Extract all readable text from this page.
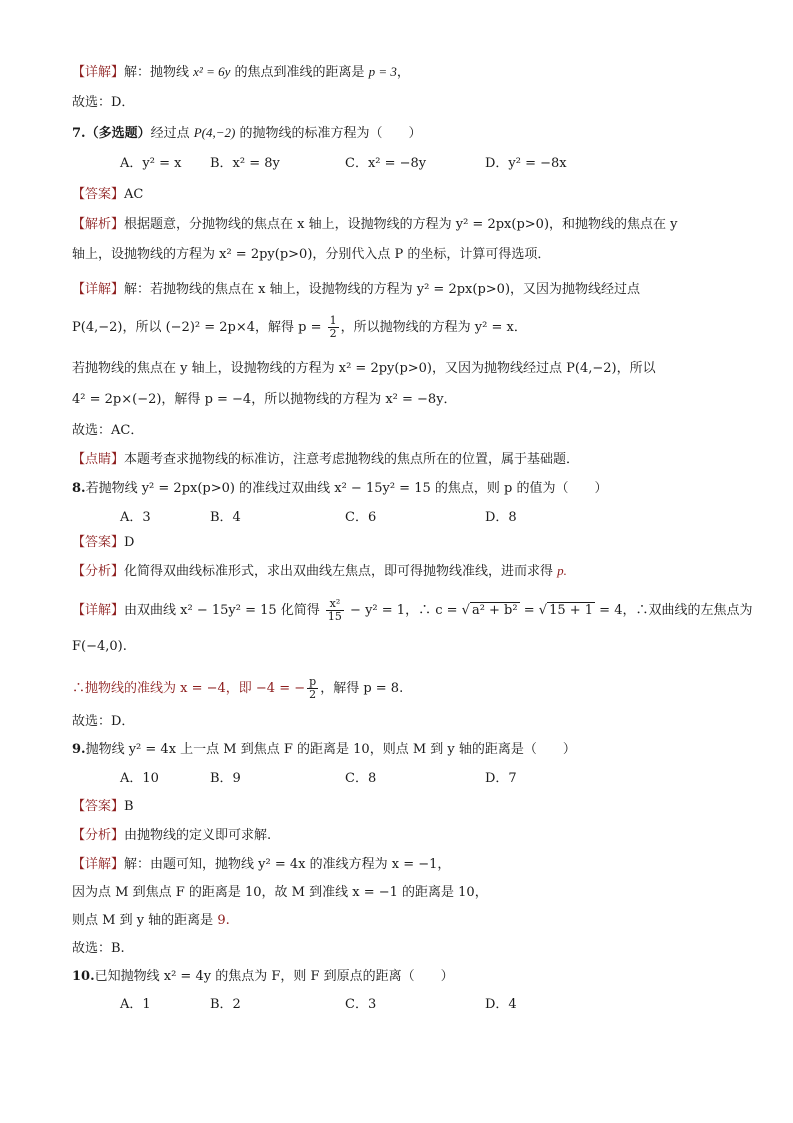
【详解】解：抛物线 x² = 6y 的焦点到准线的距离是 p = 3，
故选：D．
7.（多选题）经过点 P(4,−2) 的抛物线的标准方程为（　　）
A．y² = x B．x² = 8y	C．x² = −8y	D．y² = −8x
【答案】AC
【解析】根据题意，分抛物线的焦点在 x 轴上，设抛物线的方程为 y² = 2px(p>0)，和抛物线的焦点在 y
轴上，设抛物线的方程为 x² = 2py(p>0)，分别代入点 P 的坐标，计算可得选项．
【详解】解：若抛物线的焦点在 x 轴上，设抛物线的方程为 y² = 2px(p>0)，又因为抛物线经过点
P(4,−2)，所以 (−2)² = 2p×4，解得 $p = \frac{1}{2}$ ，所以抛物线的方程为 y² = x．
若抛物线的焦点在 y 轴上，设抛物线的方程为 x² = 2py(p>0)，又因为抛物线经过点 P(4,−2)，所以
4² = 2p×(−2)，解得 p = −4，所以抛物线的方程为 x² = −8y．
故选：AC．
【点睛】本题考查求抛物线的标准访，注意考虑抛物线的焦点所在的位置，属于基础题．
8.若抛物线 y² = 2px(p>0) 的准线过双曲线 x² − 15y² = 15 的焦点，则 p 的值为（　　）
A．3	B．4	C．6	D．8
【答案】D
【分析】化简得双曲线标准形式，求出双曲线左焦点，即可得抛物线准线，进而求得 p.
【详解】由双曲线 x² − 15y² = 15 化简得 $\frac{\text{x²}}{15} - y^2 = 1$，∴ c = √ a² + b² = √ 15 + 1 = 4，∴双曲线的左焦点为
F(−4,0).
∴抛物线的准线为 x = −4，即 −4 = − $\frac{p}{2}$ ，解得 p = 8.
故选：D．
9.抛物线 y² = 4x 上一点 M 到焦点 F 的距离是 10，则点 M 到 y 轴的距离是（　　）
A．10	B．9	C．8	D．7
【答案】B
【分析】由抛物线的定义即可求解.
【详解】解：由题可知，抛物线 y² = 4x 的准线方程为 x = −1，
因为点 M 到焦点 F 的距离是 10，故 M 到准线 x = −1 的距离是 10，
则点 M 到 y 轴的距离是 9.
故选：B.
10.已知抛物线 x² = 4y 的焦点为 F，则 F 到原点的距离（　　）
A．1	B．2	C．3	D．4
